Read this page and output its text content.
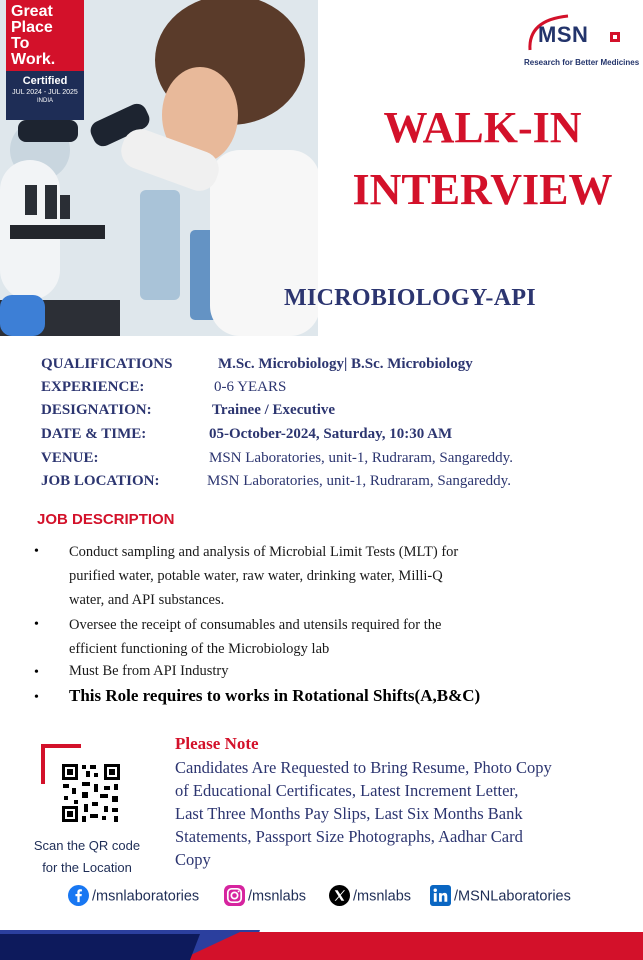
Great
Place
To
Work.
Certified
JUL 2024 - JUL 2025
INDIA
MSN
Research for Better Medicines
WALK-IN
INTERVIEW
MICROBIOLOGY-API
QUALIFICATIONS	M.Sc. Microbiology| B.Sc. Microbiology
EXPERIENCE:	0-6 YEARS
DESIGNATION:	Trainee / Executive
DATE & TIME:	05-October-2024, Saturday, 10:30 AM
VENUE:	MSN Laboratories, unit-1, Rudraram, Sangareddy.
JOB LOCATION:	MSN Laboratories, unit-1, Rudraram, Sangareddy.
JOB DESCRIPTION
• Conduct sampling and analysis of Microbial Limit Tests (MLT) for
purified water, potable water, raw water, drinking water, Milli-Q
water, and API substances.
• Oversee the receipt of consumables and utensils required for the
efficient functioning of the Microbiology lab
• Must Be from API Industry
• This Role requires to works in Rotational Shifts(A,B&C)
Scan the QR code
for the Location
Please Note
Candidates Are Requested to Bring Resume, Photo Copy
of Educational Certificates, Latest Increment Letter,
Last Three Months Pay Slips, Last Six Months Bank
Statements, Passport Size Photographs, Aadhar Card
Copy
/msnlaboratories	/msnlabs	/msnlabs	/MSNLaboratories
